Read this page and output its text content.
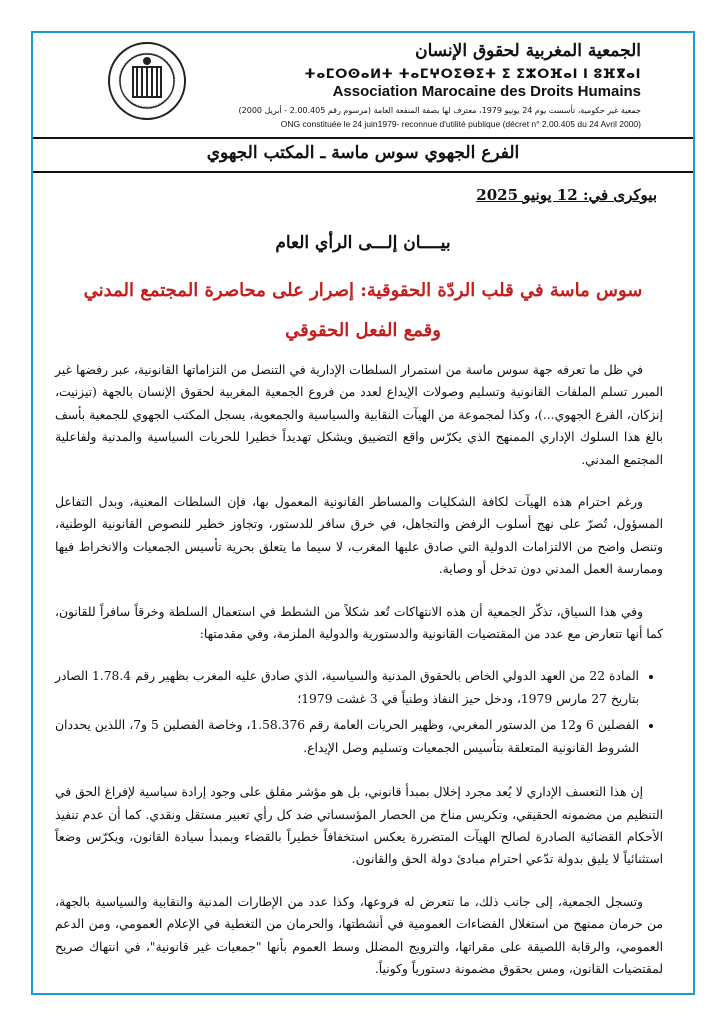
الجمعية المغربية لحقوق الإنسان
ⵜⴰⵎⵔⵙⴰⵍⵜ ⵜⴰⵎⵖⵔⵉⴱⵉⵜ ⵉ ⵉⵣⵔⴼⴰⵏ ⵏ ⵓⴼⴳⴰⵏ
Association Marocaine des Droits Humains
جمعية غير حكومية، تأسست يوم 24 يونيو 1979، معترف لها بصفة المنفعة العامة (مرسوم رقم 2.00.405 - أبريل 2000)
ONG constituée le 24 juin1979- reconnue d'utilité publique (décret n° 2.00.405 du 24 Avril 2000)
الفرع الجهوي سوس ماسة ـ المكتب الجهوي
بيوكرى في: 12 يونيو 2025
بيــــان إلـــى الرأي العام
سوس ماسة في قلب الردّة الحقوقية: إصرار على محاصرة المجتمع المدني وقمع الفعل الحقوقي

في ظل ما تعرفه جهة سوس ماسة من استمرار السلطات الإدارية في التنصل من التزاماتها القانونية، عبر رفضها غير المبرر تسلم الملفات القانونية وتسليم وصولات الإيداع لعدد من فروع الجمعية المغربية لحقوق الإنسان بالجهة (تيزنيت، إنزكان، الفرع الجهوي...)، وكذا لمجموعة من الهيآت النقابية والسياسية والجمعوية، يسجل المكتب الجهوي للجمعية بأسف بالغ هذا السلوك الإداري الممنهج الذي يكرّس واقع التضييق ويشكل تهديداً خطيرا للحريات السياسية والمدنية ولفاعلية المجتمع المدني.

ورغم احترام هذه الهيآت لكافة الشكليات والمساطر القانونية المعمول بها، فإن السلطات المعنية، وبدل التفاعل المسؤول، تُصرّ على نهج أسلوب الرفض والتجاهل، في خرق سافر للدستور، وتجاوز خطير للنصوص القانونية الوطنية، وتنصل واضح من الالتزامات الدولية التي صادق عليها المغرب، لا سيما ما يتعلق بحرية تأسيس الجمعيات والانخراط فيها وممارسة العمل المدني دون تدخل أو وصاية.

وفي هذا السياق، تذكّر الجمعية أن هذه الانتهاكات تُعد شكلاً من الشطط في استعمال السلطة وخرقاً سافراً للقانون، كما أنها تتعارض مع عدد من المقتضيات القانونية والدستورية والدولية الملزمة، وفي مقدمتها:

• المادة 22 من العهد الدولي الخاص بالحقوق المدنية والسياسية، الذي صادق عليه المغرب بظهير رقم 1.78.4 الصادر بتاريخ 27 مارس 1979، ودخل حيز النفاذ وطنياً في 3 غشت 1979؛
• الفصلين 6 و12 من الدستور المغربي، وظهير الحريات العامة رقم 1.58.376، وخاصة الفصلين 5 و7، اللذين يحددان الشروط القانونية المتعلقة بتأسيس الجمعيات وتسليم وصل الإيداع.

إن هذا التعسف الإداري لا يُعد مجرد إخلال بمبدأ قانوني، بل هو مؤشر مقلق على وجود إرادة سياسية لإفراغ الحق في التنظيم من مضمونه الحقيقي، وتكريس مناخ من الحصار المؤسساتي ضد كل رأي تعبير مستقل ونقدي. كما أن عدم تنفيذ الأحكام القضائية الصادرة لصالح الهيآت المتضررة يعكس استخفافاً خطيراً بالقضاء وبمبدأ سيادة القانون، ويكرّس وضعاً استثنائياً لا يليق بدولة تدّعي احترام مبادئ دولة الحق والقانون.

وتسجل الجمعية، إلى جانب ذلك، ما تتعرض له فروعها، وكذا عدد من الإطارات المدنية والنقابية والسياسية بالجهة، من حرمان ممنهج من استغلال الفضاءات العمومية في أنشطتها، والحرمان من التغطية في الإعلام العمومي، ومن الدعم العمومي، والرقابة اللصيقة على مقراتها، والترويج المضلل وسط العموم بأنها "جمعيات غير قانونية"، في انتهاك صريح لمقتضيات القانون، ومس بحقوق مضمونة دستورياً وكونياً.
